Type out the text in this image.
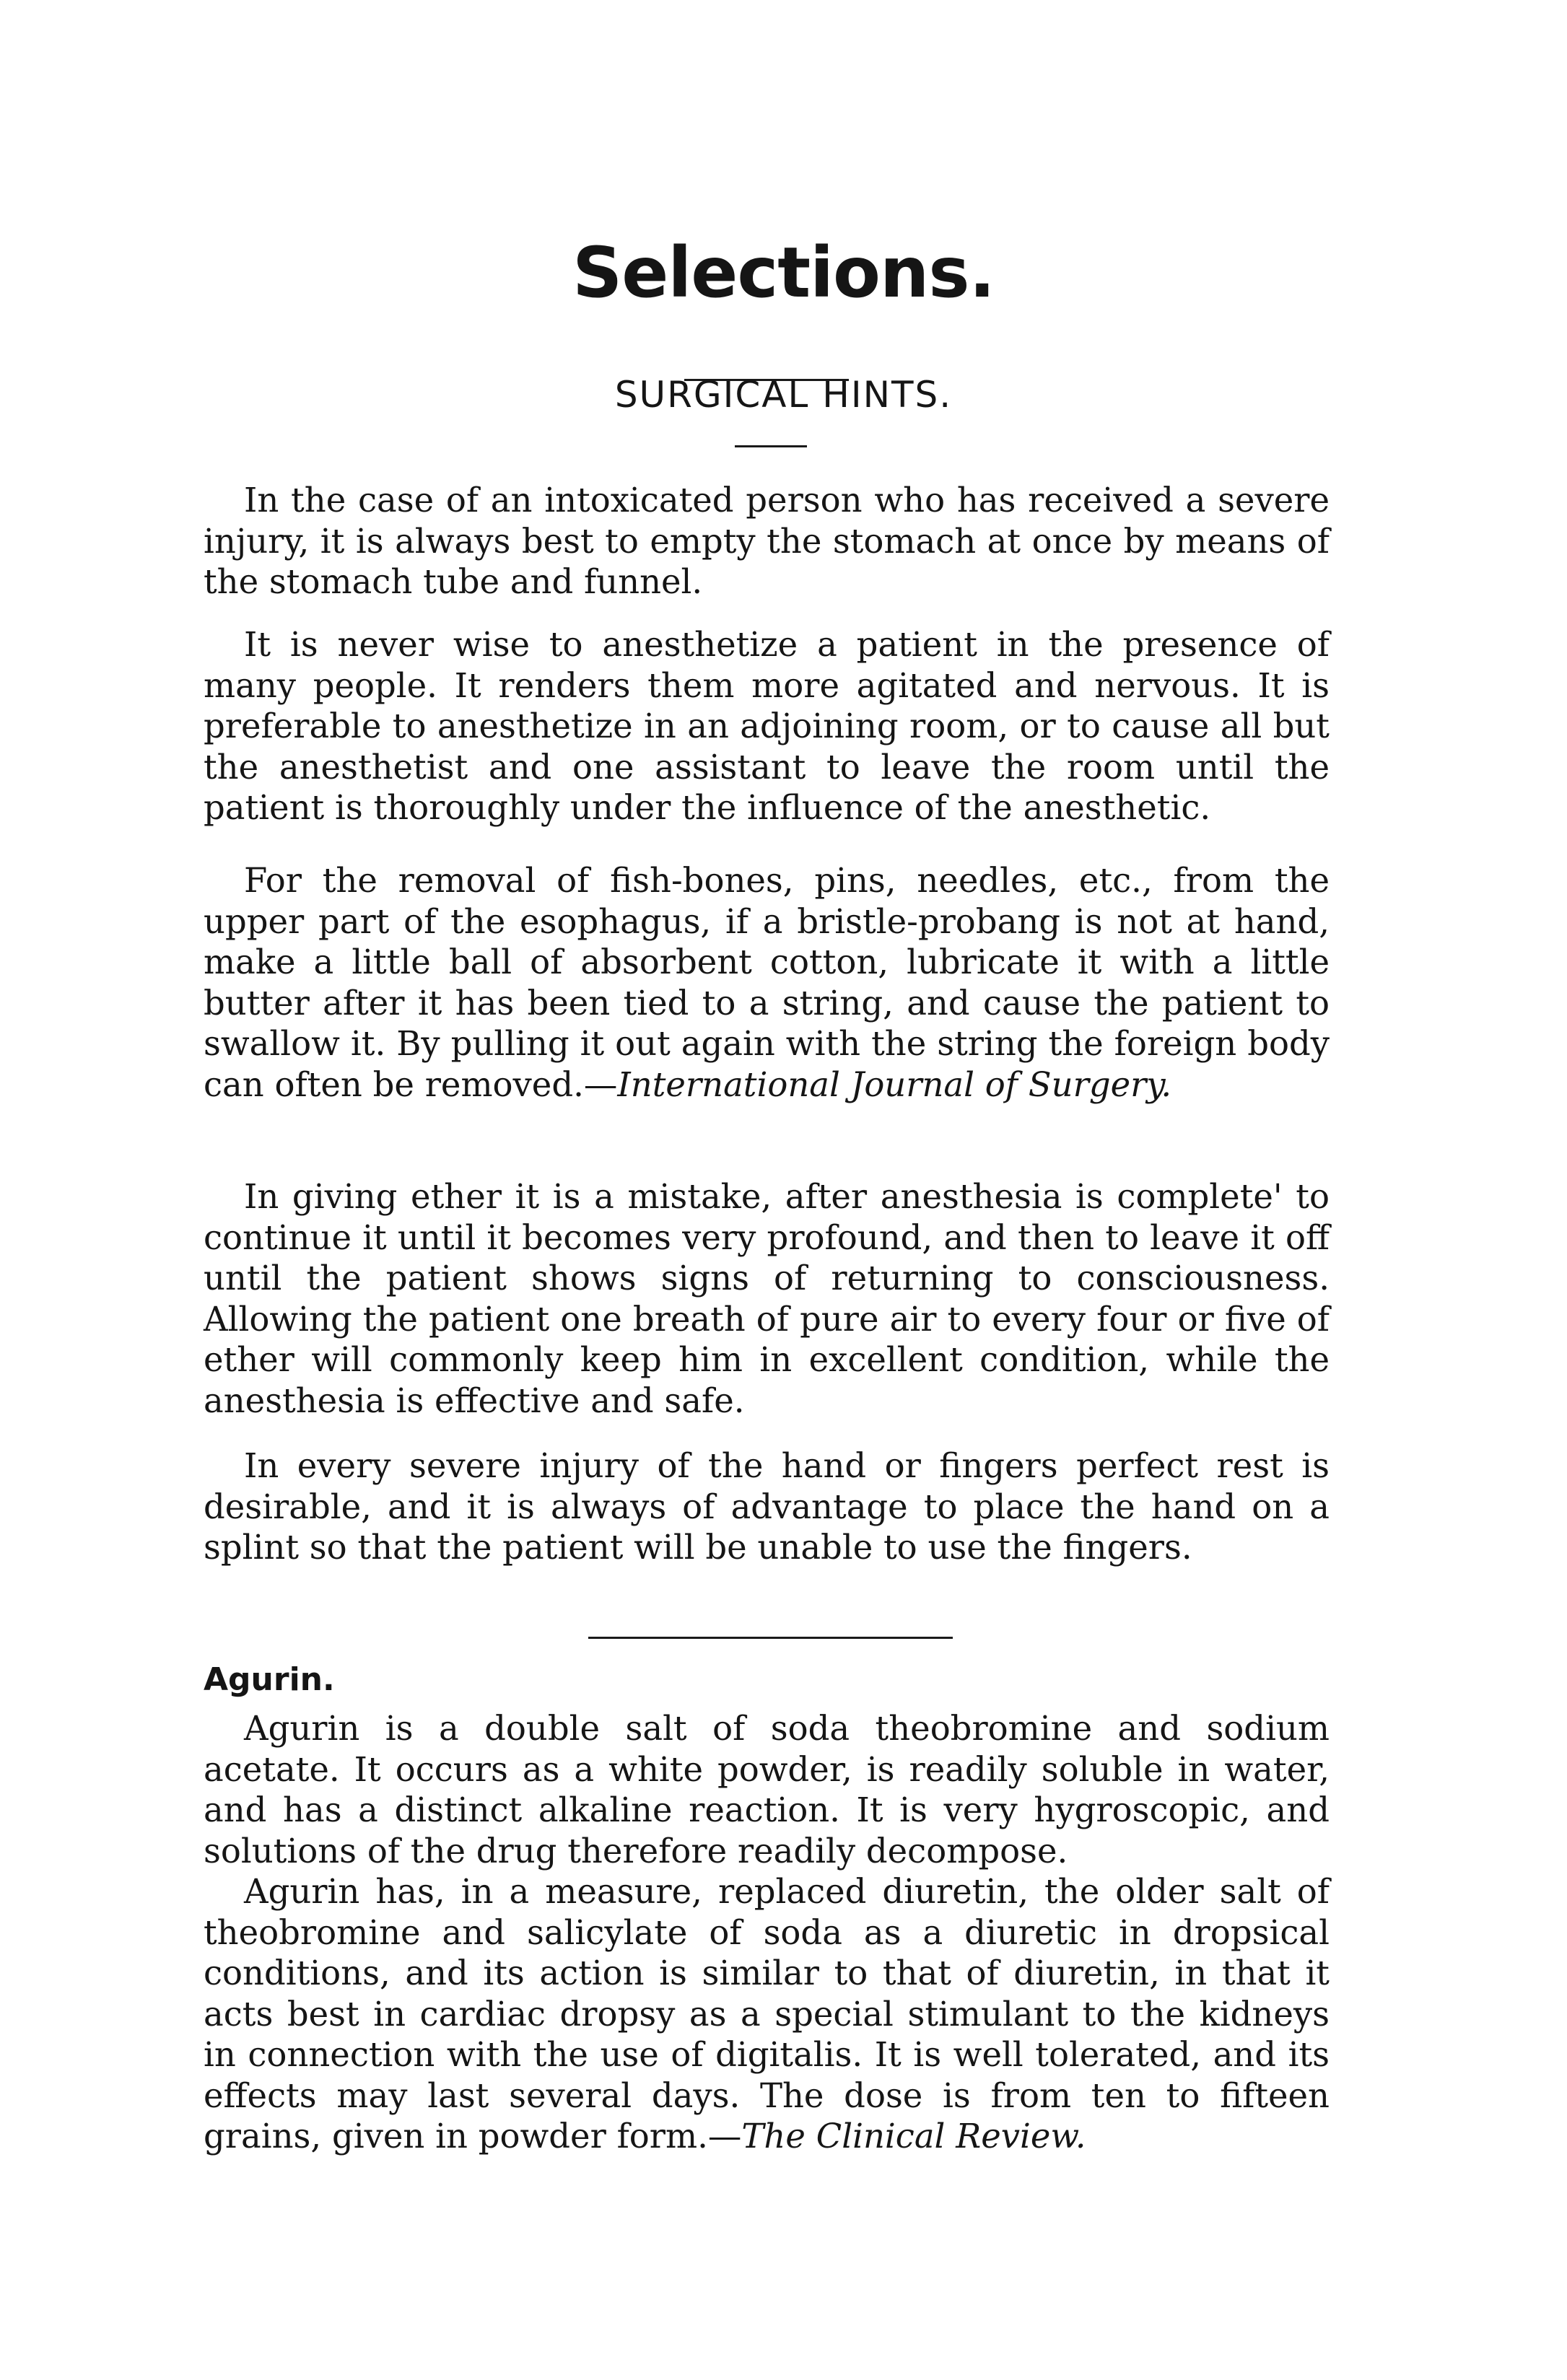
Selections.
SURGICAL HINTS.

In the case of an intoxicated person who has received a severe injury, it is always best to empty the stomach at once by means of the stomach tube and funnel.

It is never wise to anesthetize a patient in the presence of many people. It renders them more agitated and nervous. It is preferable to anesthetize in an adjoining room, or to cause all but the anesthetist and one assistant to leave the room until the patient is thoroughly under the influence of the anesthetic.

For the removal of fish-bones, pins, needles, etc., from the upper part of the esophagus, if a bristle-probang is not at hand, make a little ball of absorbent cotton, lubricate it with a little butter after it has been tied to a string, and cause the patient to swallow it. By pulling it out again with the string the foreign body can often be removed.—International Journal of Surgery.

In giving ether it is a mistake, after anesthesia is complete' to continue it until it becomes very profound, and then to leave it off until the patient shows signs of returning to consciousness. Allowing the patient one breath of pure air to every four or five of ether will commonly keep him in excellent condition, while the anesthesia is effective and safe.

In every severe injury of the hand or fingers perfect rest is desirable, and it is always of advantage to place the hand on a splint so that the patient will be unable to use the fingers.

Agurin.

Agurin is a double salt of soda theobromine and sodium acetate. It occurs as a white powder, is readily soluble in water, and has a distinct alkaline reaction. It is very hygroscopic, and solutions of the drug therefore readily decompose.

Agurin has, in a measure, replaced diuretin, the older salt of theobromine and salicylate of soda as a diuretic in dropsical conditions, and its action is similar to that of diuretin, in that it acts best in cardiac dropsy as a special stimulant to the kidneys in connection with the use of digitalis. It is well tolerated, and its effects may last several days. The dose is from ten to fifteen grains, given in powder form.—The Clinical Review.
